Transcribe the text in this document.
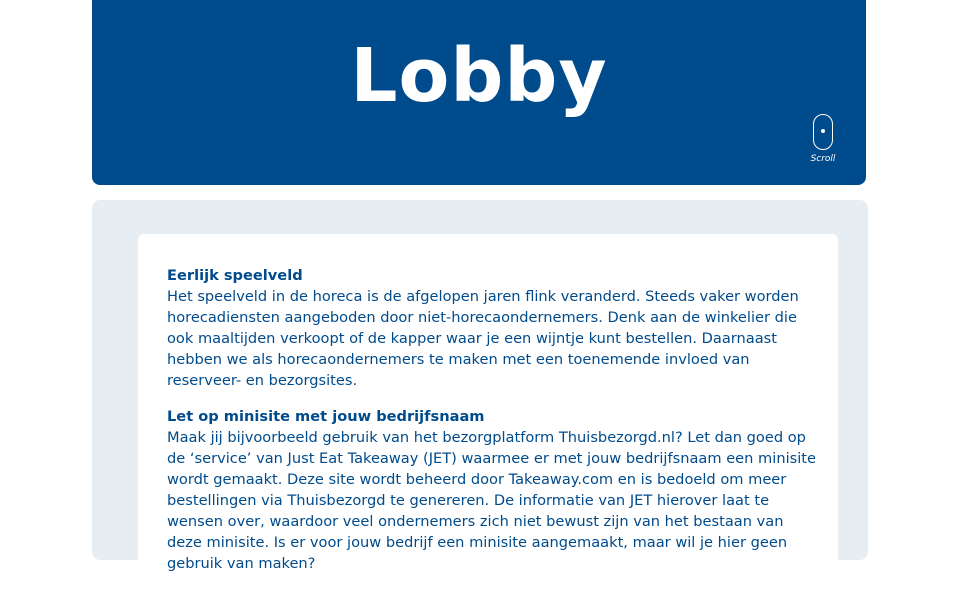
Lobby
Scroll
Eerlijk speelveld

Het speelveld in de horeca is de afgelopen jaren flink veranderd. Steeds vaker worden horecadiensten aangeboden door niet-horecaondernemers. Denk aan de winkelier die ook maaltijden verkoopt of de kapper waar je een wijntje kunt bestellen. Daarnaast hebben we als horecaondernemers te maken met een toenemende invloed van reserveer- en bezorgsites.

Let op minisite met jouw bedrijfsnaam

Maak jij bijvoorbeeld gebruik van het bezorgplatform Thuisbezorgd.nl? Let dan goed op de ‘service’ van Just Eat Takeaway (JET) waarmee er met jouw bedrijfsnaam een minisite wordt gemaakt. Deze site wordt beheerd door Takeaway.com en is bedoeld om meer bestellingen via Thuisbezorgd te genereren. De informatie van JET hierover laat te wensen over, waardoor veel ondernemers zich niet bewust zijn van het bestaan van deze minisite. Is er voor jouw bedrijf een minisite aangemaakt, maar wil je hier geen gebruik van maken?
